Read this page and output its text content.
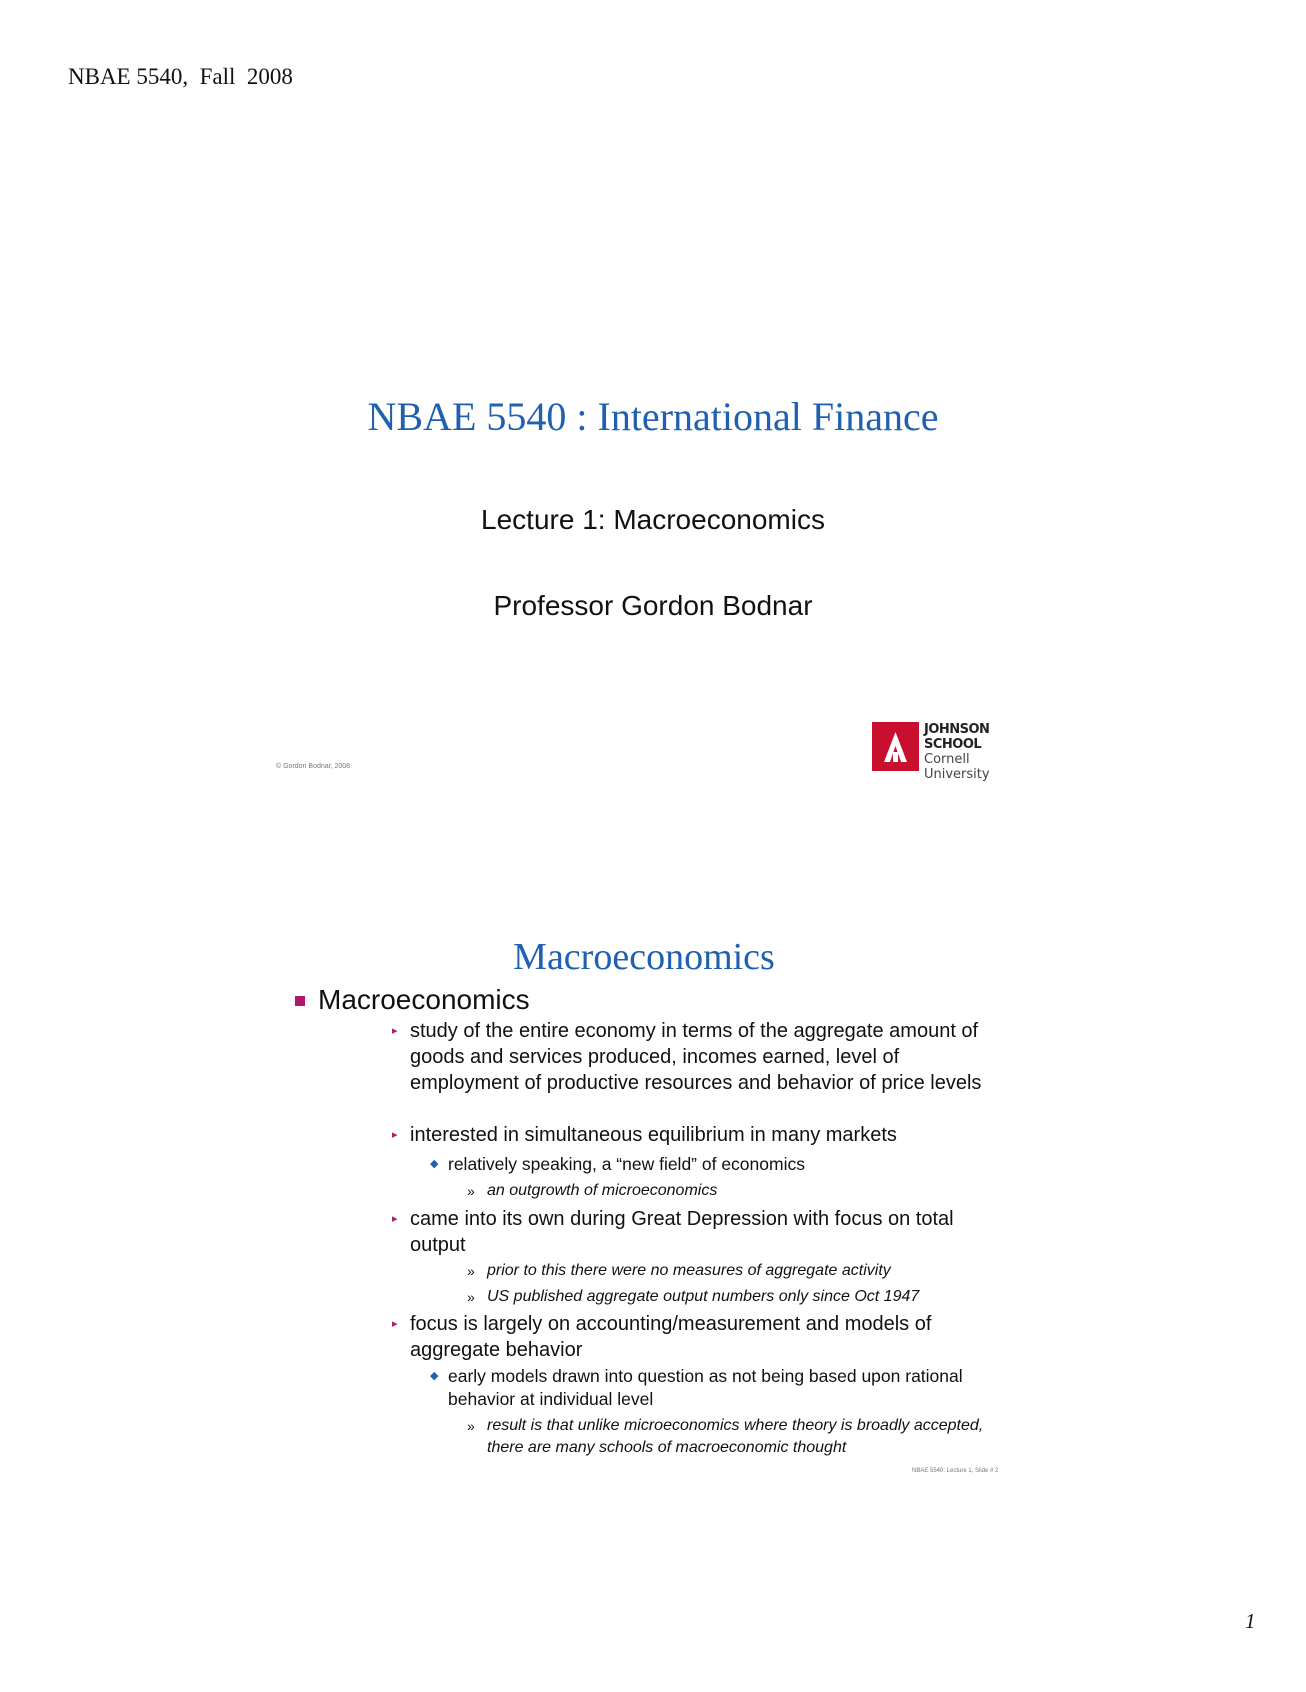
NBAE 5540,  Fall  2008
NBAE 5540 : International Finance
Lecture 1: Macroeconomics
Professor Gordon Bodnar
© Gordon Bodnar, 2008
JOHNSON
SCHOOL
Cornell University
Macroeconomics
Macroeconomics
▸ study of the entire economy in terms of the aggregate amount of goods and services produced, incomes earned, level of employment of productive resources and behavior of price levels
▸ interested in simultaneous equilibrium in many markets
◆ relatively speaking, a “new field” of economics
» an outgrowth of microeconomics
▸ came into its own during Great Depression with focus on total output
» prior to this there were no measures of aggregate activity
» US published aggregate output numbers only since Oct 1947
▸ focus is largely on accounting/measurement and models of aggregate behavior
◆ early models drawn into question as not being based upon rational behavior at individual level
» result is that unlike microeconomics where theory is broadly accepted, there are many schools of macroeconomic thought
NBAE 5540: Lecture 1, Slide # 2
1
